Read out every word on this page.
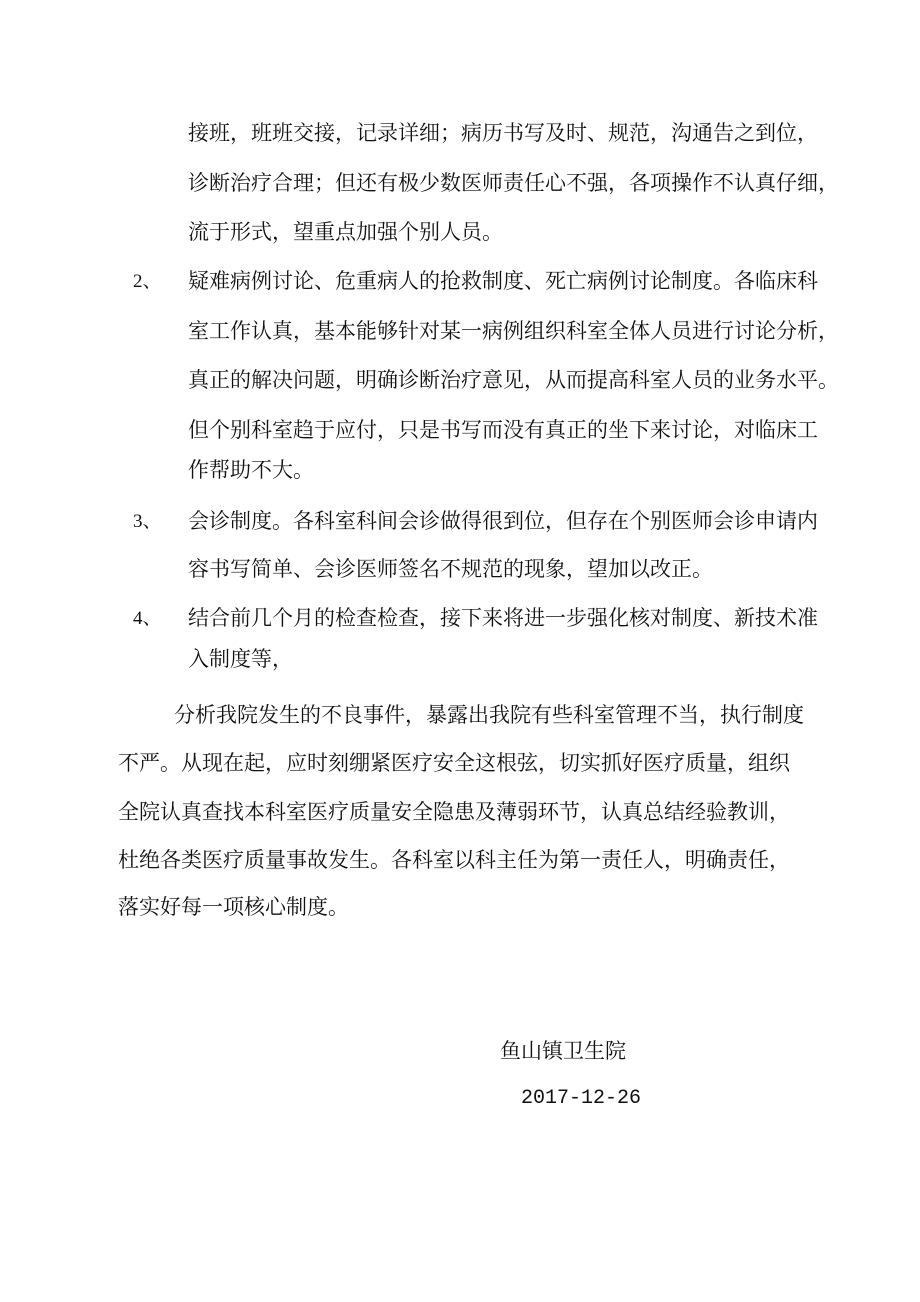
接班，班班交接，记录详细；病历书写及时、规范，沟通告之到位，
诊断治疗合理；但还有极少数医师责任心不强，各项操作不认真仔细，
流于形式，望重点加强个别人员。
2、 疑难病例讨论、危重病人的抢救制度、死亡病例讨论制度。各临床科
室工作认真，基本能够针对某一病例组织科室全体人员进行讨论分析，
真正的解决问题，明确诊断治疗意见，从而提高科室人员的业务水平。
但个别科室趋于应付，只是书写而没有真正的坐下来讨论，对临床工
作帮助不大。
3、 会诊制度。各科室科间会诊做得很到位，但存在个别医师会诊申请内
容书写简单、会诊医师签名不规范的现象，望加以改正。
4、 结合前几个月的检查检查，接下来将进一步强化核对制度、新技术准
入制度等，
分析我院发生的不良事件，暴露出我院有些科室管理不当，执行制度
不严。从现在起，应时刻绷紧医疗安全这根弦，切实抓好医疗质量，组织
全院认真查找本科室医疗质量安全隐患及薄弱环节，认真总结经验教训，
杜绝各类医疗质量事故发生。各科室以科主任为第一责任人，明确责任，
落实好每一项核心制度。
鱼山镇卫生院
2017-12-26
